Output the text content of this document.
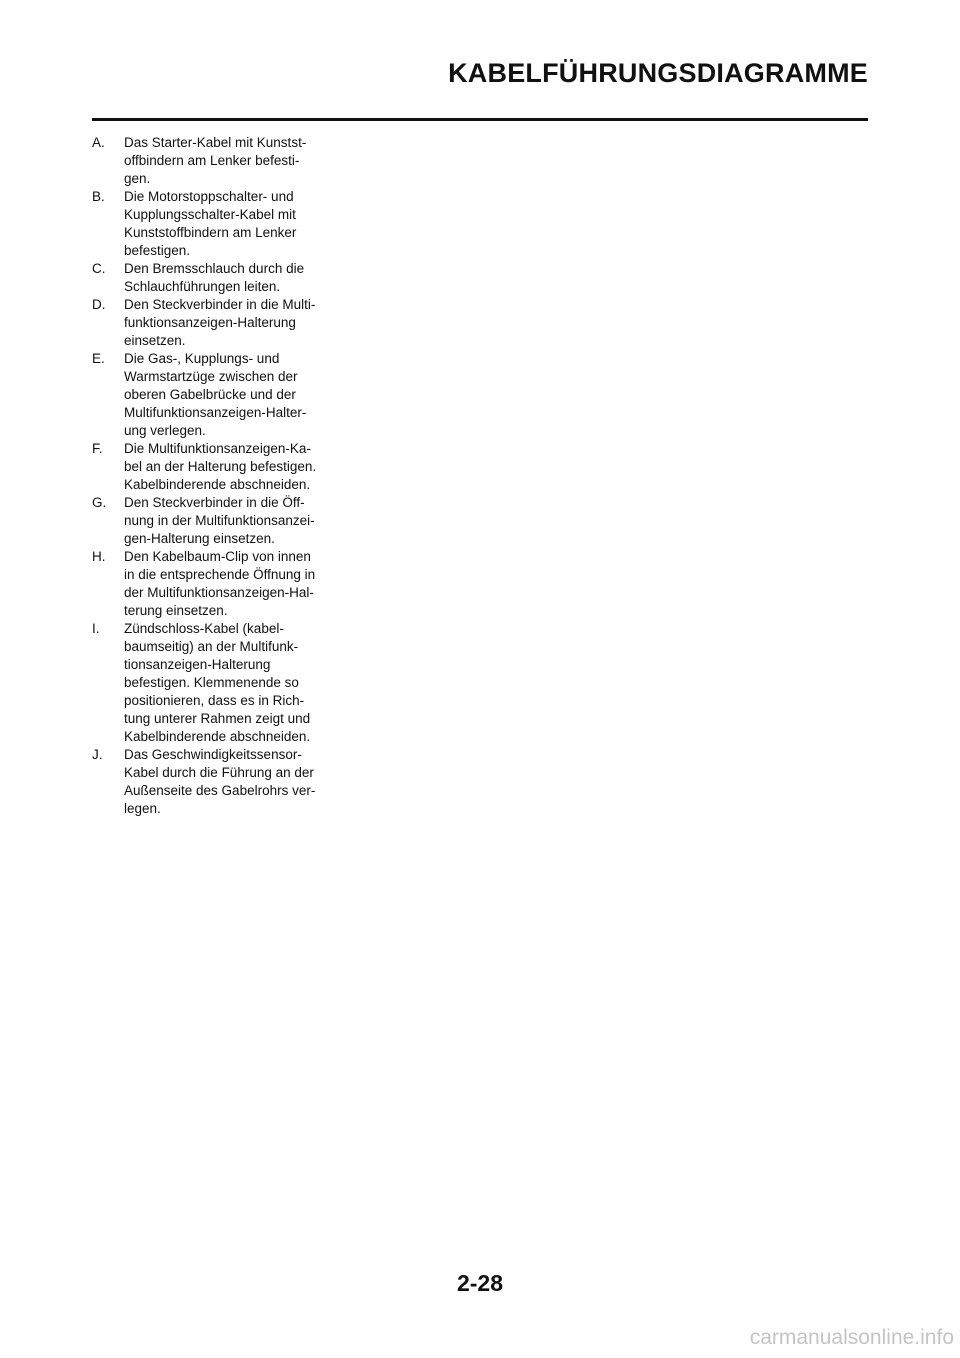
KABELFÜHRUNGSDIAGRAMME
A.	Das Starter-Kabel mit Kunstst-
offbindern am Lenker befesti-
gen.
B.	Die Motorstoppschalter- und
Kupplungsschalter-Kabel mit
Kunststoffbindern am Lenker
befestigen.
C.	Den Bremsschlauch durch die
Schlauchführungen leiten.
D.	Den Steckverbinder in die Multi-
funktionsanzeigen-Halterung
einsetzen.
E.	Die Gas-, Kupplungs- und
Warmstartzüge zwischen der
oberen Gabelbrücke und der
Multifunktionsanzeigen-Halter-
ung verlegen.
F.	Die Multifunktionsanzeigen-Ka-
bel an der Halterung befestigen.
Kabelbinderende abschneiden.
G.	Den Steckverbinder in die Öff-
nung in der Multifunktionsanzei-
gen-Halterung einsetzen.
H.	Den Kabelbaum-Clip von innen
in die entsprechende Öffnung in
der Multifunktionsanzeigen-Hal-
terung einsetzen.
I.	Zündschloss-Kabel (kabel-
baumseitig) an der Multifunk-
tionsanzeigen-Halterung
befestigen. Klemmenende so
positionieren, dass es in Rich-
tung unterer Rahmen zeigt und
Kabelbinderende abschneiden.
J.	Das Geschwindigkeitssensor-
Kabel durch die Führung an der
Außenseite des Gabelrohrs ver-
legen.
2-28
carmanualsonline.info
